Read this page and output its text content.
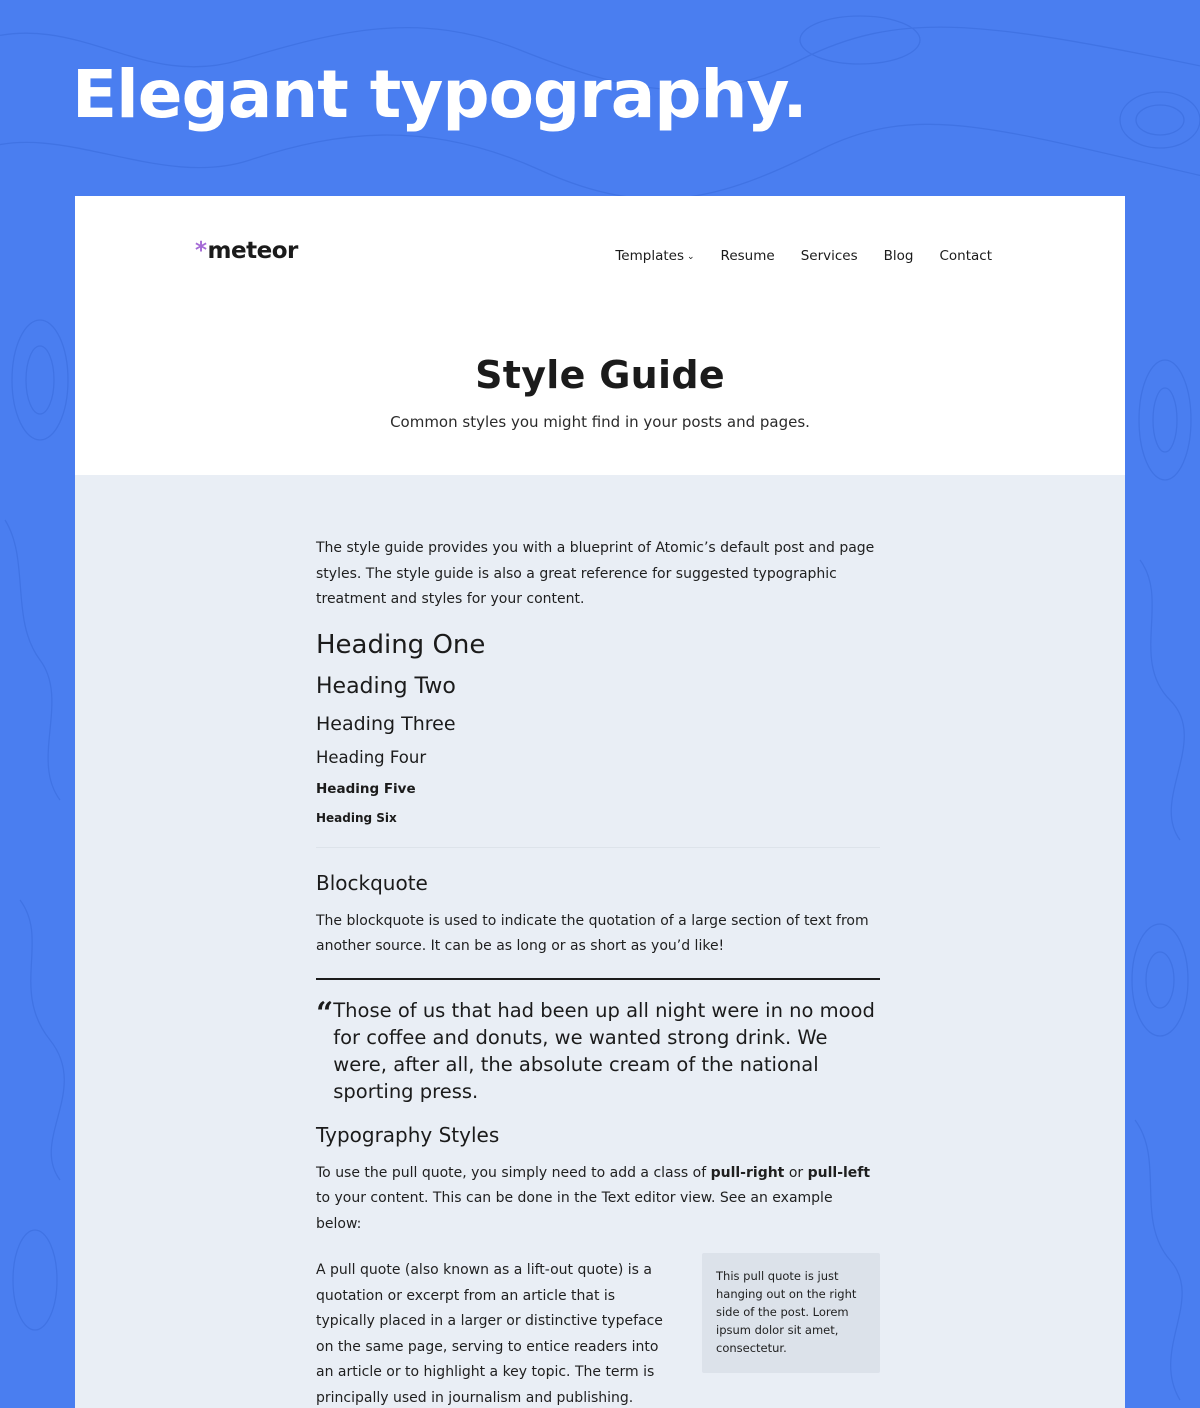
Elegant typography.
*meteor	Templates ⌄ Resume Services Blog Contact
Style Guide

Common styles you might find in your posts and pages.

The style guide provides you with a blueprint of Atomic’s default post and page styles. The style guide is also a great reference for suggested typographic treatment and styles for your content.

Heading One
Heading Two
Heading Three
Heading Four
Heading Five
Heading Six
Blockquote

The blockquote is used to indicate the quotation of a large section of text from another source. It can be as long or as short as you’d like!

“ Those of us that had been up all night were in no mood for coffee and donuts, we wanted strong drink. We were, after all, the absolute cream of the national sporting press.
Typography Styles

To use the pull quote, you simply need to add a class of pull-right or pull-left to your content. This can be done in the Text editor view. See an example below:

A pull quote (also known as a lift-out quote) is a quotation or excerpt from an article that is typically placed in a larger or distinctive typeface on the same page, serving to entice readers into an article or to highlight a key topic. The term is principally used in journalism and publishing.

This pull quote is just hanging out on the right side of the post. Lorem ipsum dolor sit amet, consectetur.
